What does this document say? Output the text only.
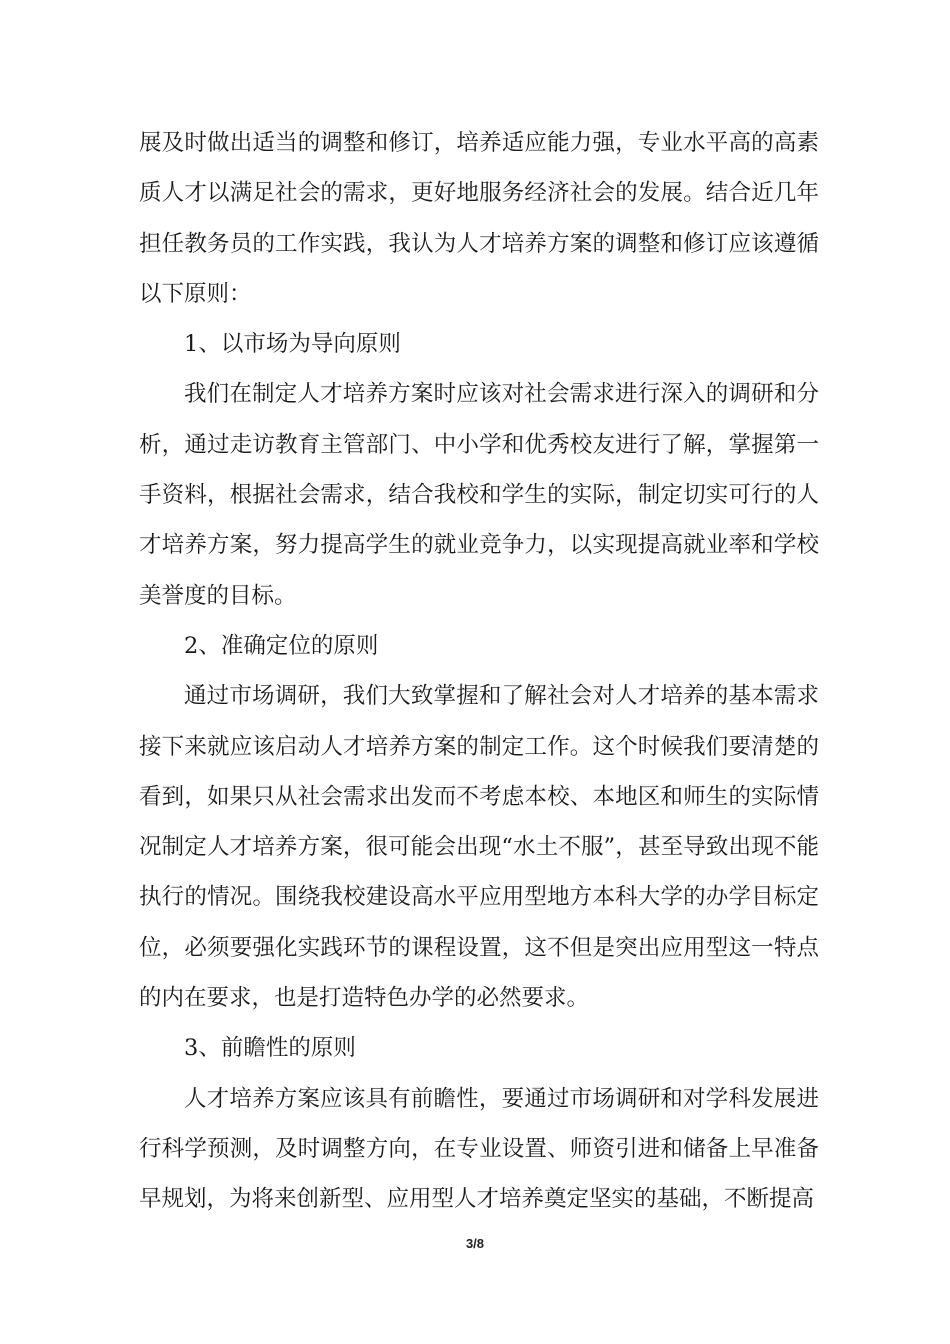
展及时做出适当的调整和修订，培养适应能力强，专业水平高的高素质人才以满足社会的需求，更好地服务经济社会的发展。结合近几年担任教务员的工作实践，我认为人才培养方案的调整和修订应该遵循以下原则：

1、以市场为导向原则

我们在制定人才培养方案时应该对社会需求进行深入的调研和分析，通过走访教育主管部门、中小学和优秀校友进行了解，掌握第一手资料，根据社会需求，结合我校和学生的实际，制定切实可行的人才培养方案，努力提高学生的就业竞争力，以实现提高就业率和学校美誉度的目标。

2、准确定位的原则

通过市场调研，我们大致掌握和了解社会对人才培养的基本需求接下来就应该启动人才培养方案的制定工作。这个时候我们要清楚的看到，如果只从社会需求出发而不考虑本校、本地区和师生的实际情况制定人才培养方案，很可能会出现“水土不服”，甚至导致出现不能执行的情况。围绕我校建设高水平应用型地方本科大学的办学目标定位，必须要强化实践环节的课程设置，这不但是突出应用型这一特点的内在要求，也是打造特色办学的必然要求。

3、前瞻性的原则

人才培养方案应该具有前瞻性，要通过市场调研和对学科发展进行科学预测，及时调整方向，在专业设置、师资引进和储备上早准备早规划，为将来创新型、应用型人才培养奠定坚实的基础，不断提高

3/8
